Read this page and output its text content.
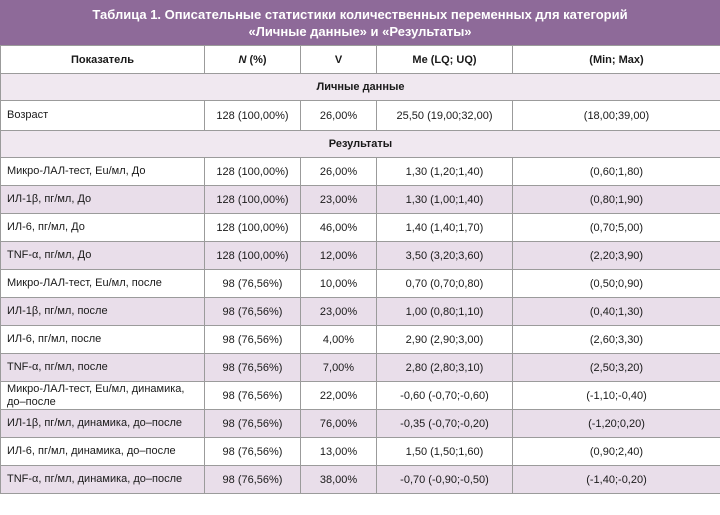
Таблица 1. Описательные статистики количественных переменных для категорий
«Личные данные» и «Результаты»
Показатель	N (%)	V	Me (LQ; UQ)	(Min; Max)
Личные данные				
Возраст	128 (100,00%)	26,00%	25,50 (19,00;32,00)	(18,00;39,00)
Результаты				
Микро-ЛАЛ-тест, Eu/мл, До	128 (100,00%)	26,00%	1,30 (1,20;1,40)	(0,60;1,80)
ИЛ-1β, пг/мл, До	128 (100,00%)	23,00%	1,30 (1,00;1,40)	(0,80;1,90)
ИЛ-6, пг/мл, До	128 (100,00%)	46,00%	1,40 (1,40;1,70)	(0,70;5,00)
TNF-α, пг/мл, До	128 (100,00%)	12,00%	3,50 (3,20;3,60)	(2,20;3,90)
Микро-ЛАЛ-тест, Eu/мл, после	98 (76,56%)	10,00%	0,70 (0,70;0,80)	(0,50;0,90)
ИЛ-1β, пг/мл, после	98 (76,56%)	23,00%	1,00 (0,80;1,10)	(0,40;1,30)
ИЛ-6, пг/мл, после	98 (76,56%)	4,00%	2,90 (2,90;3,00)	(2,60;3,30)
TNF-α, пг/мл, после	98 (76,56%)	7,00%	2,80 (2,80;3,10)	(2,50;3,20)
Микро-ЛАЛ-тест, Eu/мл, динамика, до–после	98 (76,56%)	22,00%	-0,60 (-0,70;-0,60)	(-1,10;-0,40)
ИЛ-1β, пг/мл, динамика, до–после	98 (76,56%)	76,00%	-0,35 (-0,70;-0,20)	(-1,20;0,20)
ИЛ-6, пг/мл, динамика, до–после	98 (76,56%)	13,00%	1,50 (1,50;1,60)	(0,90;2,40)
TNF-α, пг/мл, динамика, до–после	98 (76,56%)	38,00%	-0,70 (-0,90;-0,50)	(-1,40;-0,20)
